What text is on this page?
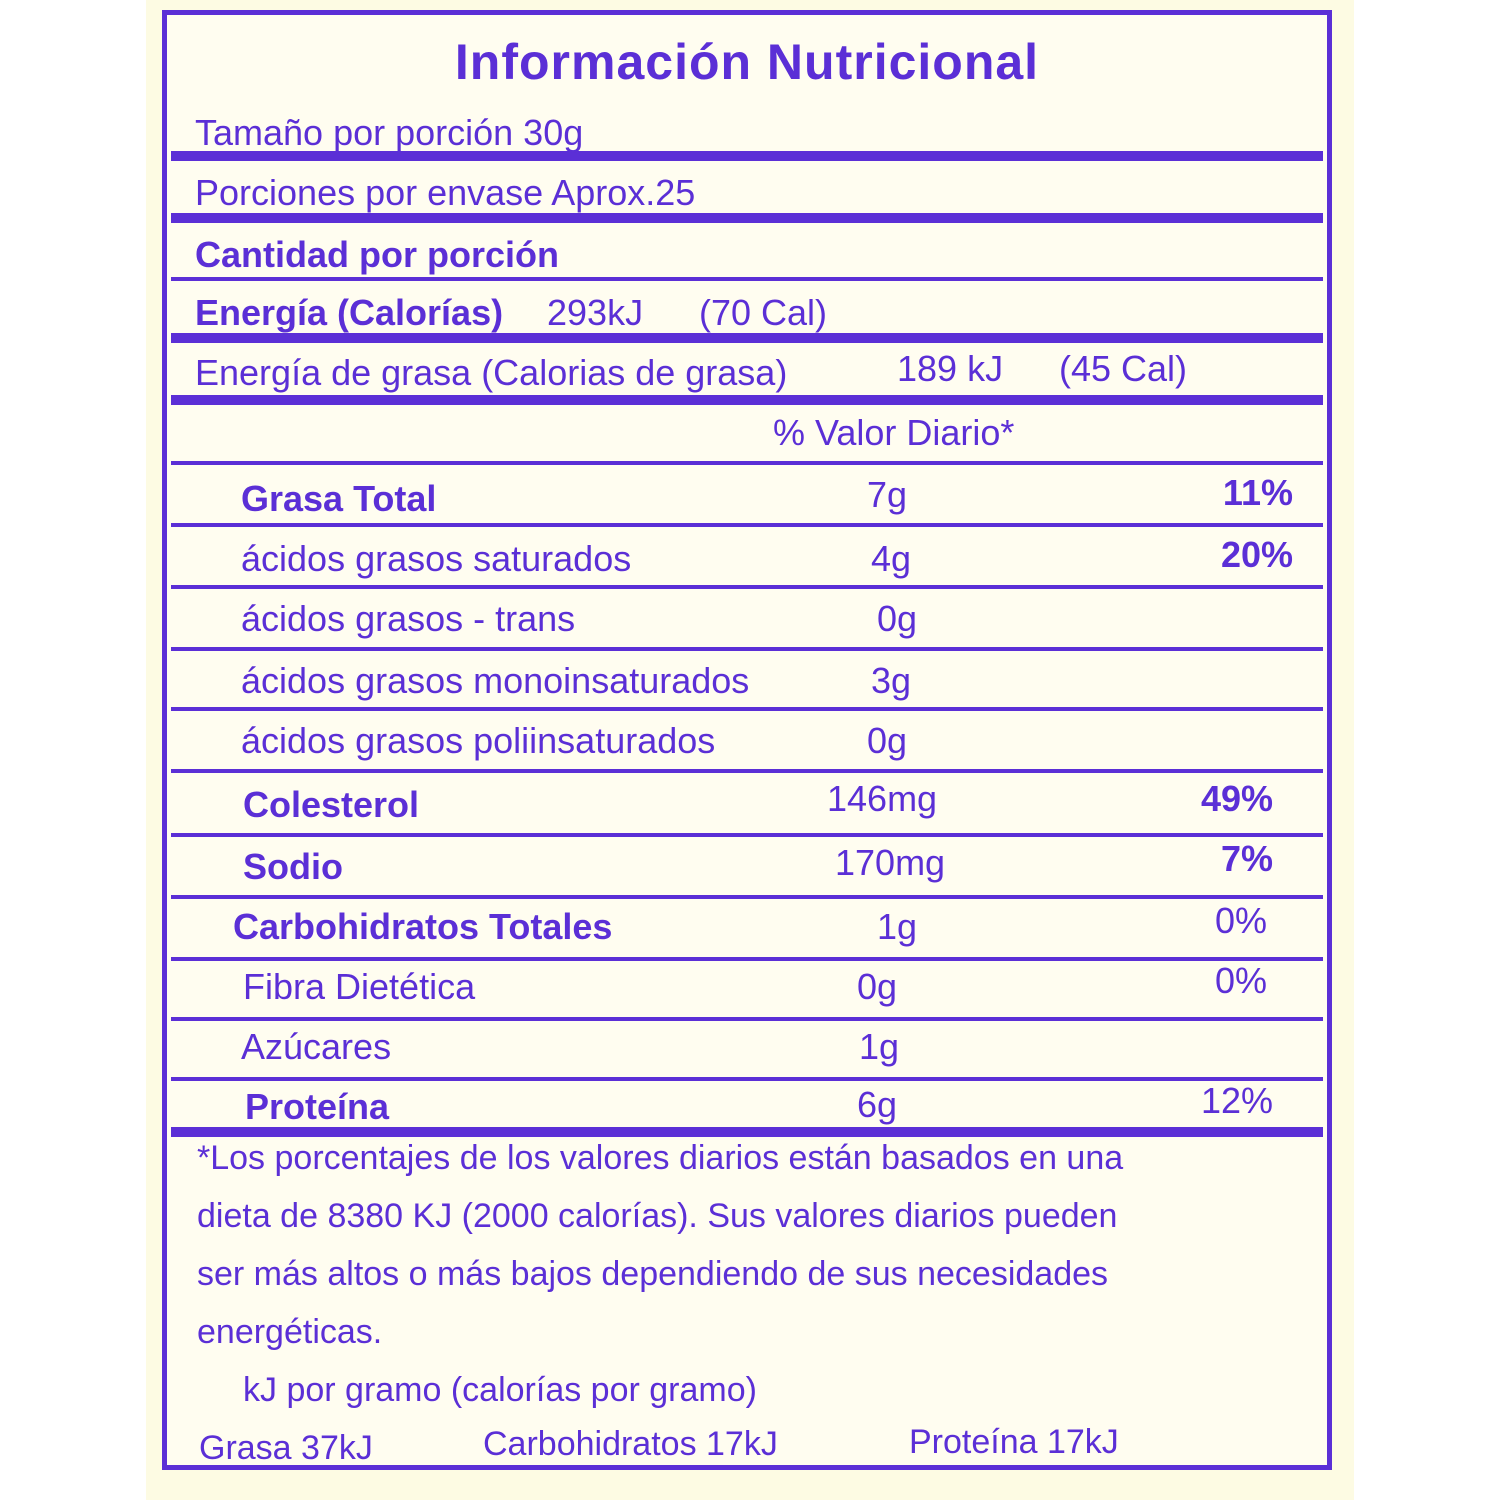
Información Nutricional
Tamaño por porción 30g
Porciones por envase Aprox.25
Cantidad por porción
Energía (Calorías) 293kJ (70 Cal)
Energía de grasa (Calorias de grasa)	189 kJ (45 Cal)
% Valor Diario*
Grasa Total	7g	11%
ácidos grasos saturados	4g	20%
ácidos grasos - trans	0g
ácidos grasos monoinsaturados	3g
ácidos grasos poliinsaturados	0g
Colesterol	146mg	49%
Sodio	170mg	7%
Carbohidratos Totales	1g	0%
Fibra Dietética	0g	0%
Azúcares	1g
Proteína	6g	12%
*Los porcentajes de los valores diarios están basados en una
dieta de 8380 KJ (2000 calorías). Sus valores diarios pueden
ser más altos o más bajos dependiendo de sus necesidades
energéticas.
kJ por gramo (calorías por gramo)
Grasa 37kJ	Carbohidratos 17kJ	Proteína 17kJ
